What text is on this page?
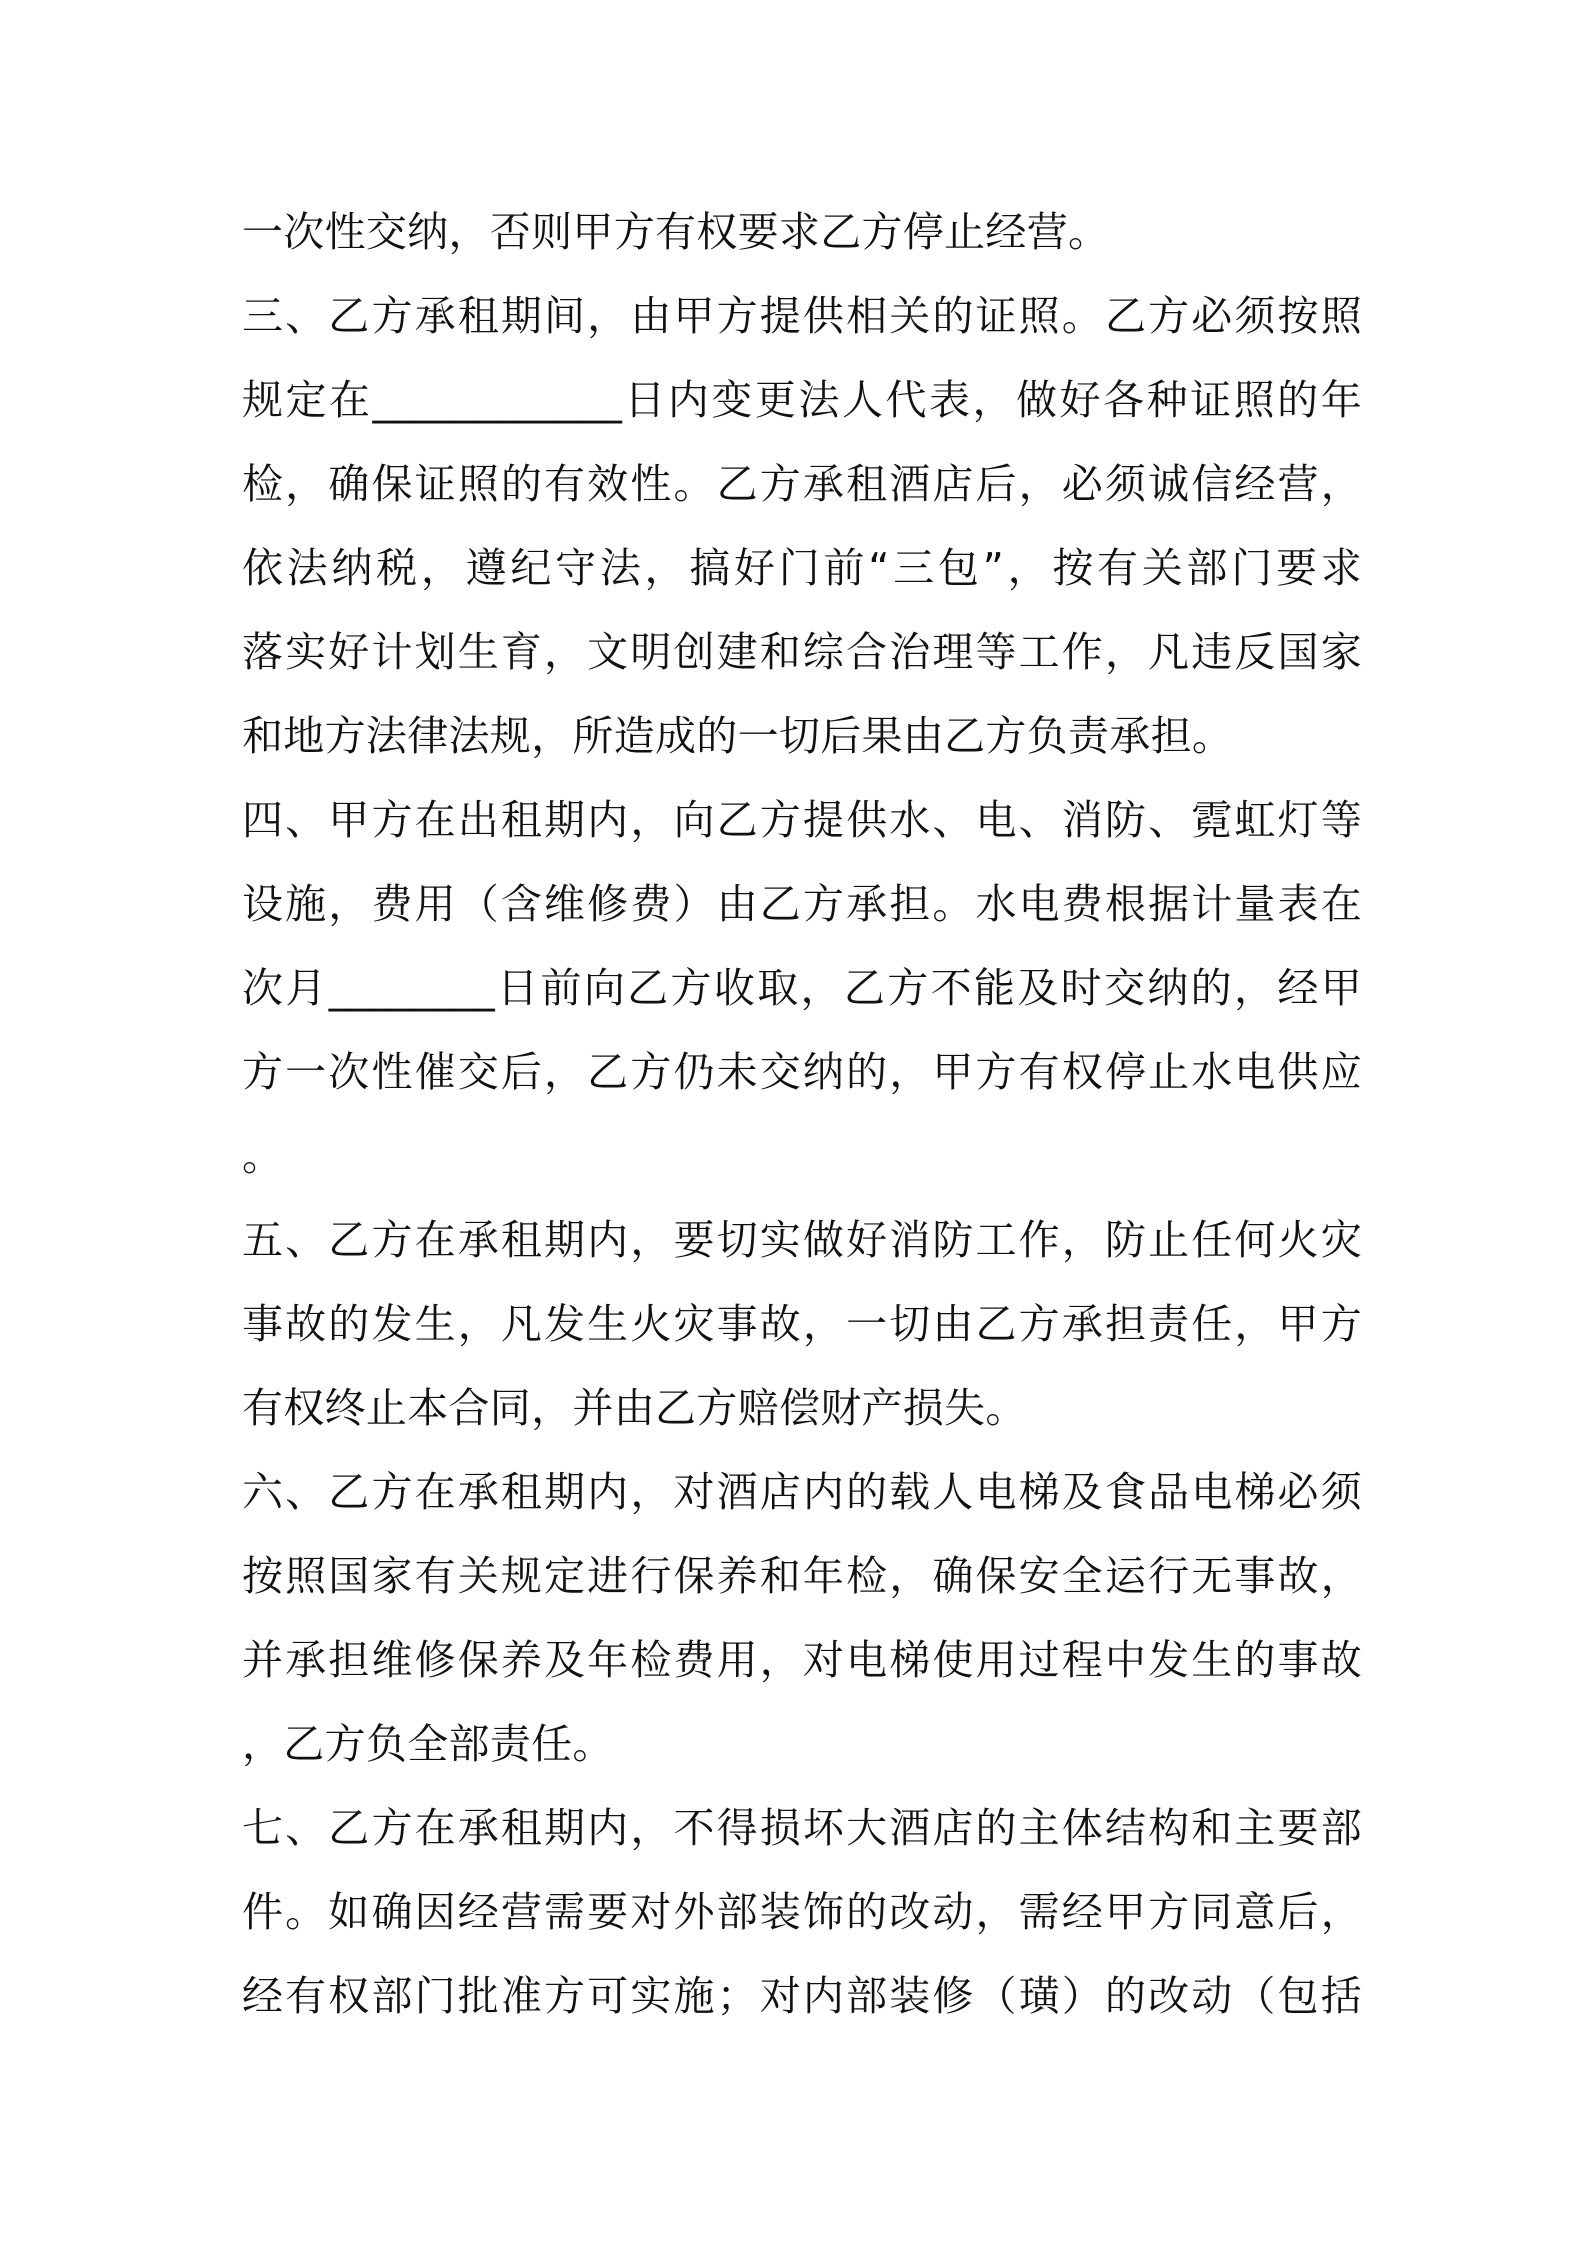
一次性交纳，否则甲方有权要求乙方停止经营。
三、乙方承租期间，由甲方提供相关的证照。乙方必须按照
规定在____________日内变更法人代表，做好各种证照的年
检，确保证照的有效性。乙方承租酒店后，必须诚信经营，
依法纳税，遵纪守法，搞好门前“三包”，按有关部门要求
落实好计划生育，文明创建和综合治理等工作，凡违反国家
和地方法律法规，所造成的一切后果由乙方负责承担。
四、甲方在出租期内，向乙方提供水、电、消防、霓虹灯等
设施，费用（含维修费）由乙方承担。水电费根据计量表在
次月________日前向乙方收取，乙方不能及时交纳的，经甲
方一次性催交后，乙方仍未交纳的，甲方有权停止水电供应
。
五、乙方在承租期内，要切实做好消防工作，防止任何火灾
事故的发生，凡发生火灾事故，一切由乙方承担责任，甲方
有权终止本合同，并由乙方赔偿财产损失。
六、乙方在承租期内，对酒店内的载人电梯及食品电梯必须
按照国家有关规定进行保养和年检，确保安全运行无事故，
并承担维修保养及年检费用，对电梯使用过程中发生的事故
，乙方负全部责任。
七、乙方在承租期内，不得损坏大酒店的主体结构和主要部
件。如确因经营需要对外部装饰的改动，需经甲方同意后，
经有权部门批准方可实施；对内部装修（璜）的改动（包括
